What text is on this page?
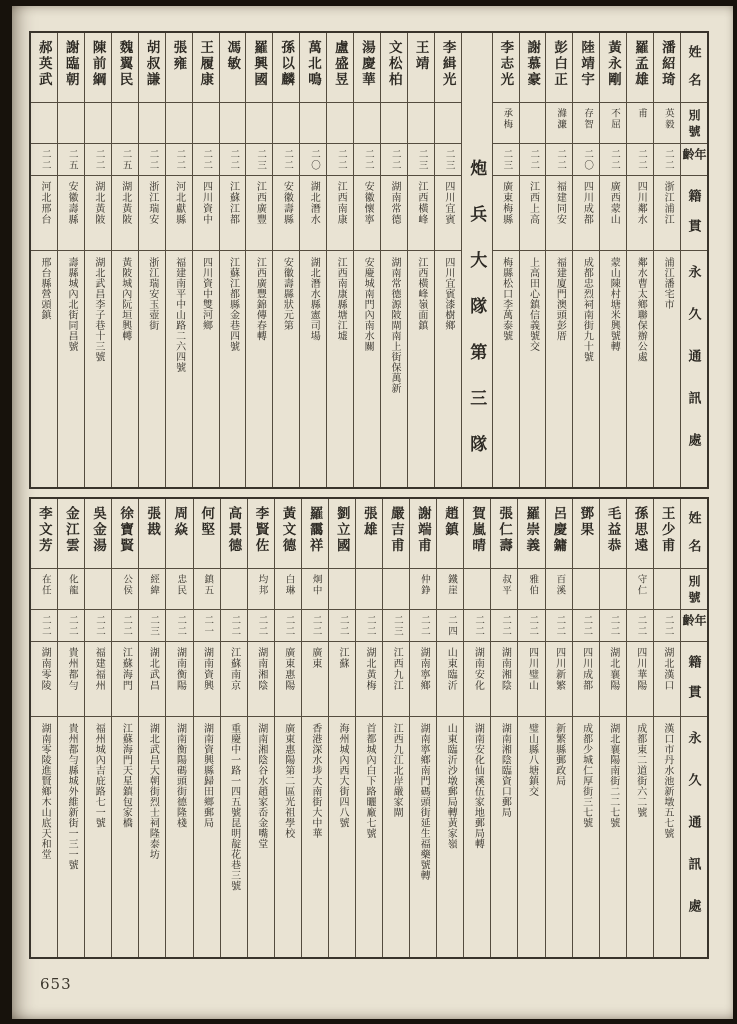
姓名
別號
年齡
籍貫
永久通訊處
潘紹琦
英毅
二二
浙江浦江
浦江潘宅市
羅孟雄
甫
二二
四川鄰水
鄰水曹太鄉聯保辦公處
黃永剛
不屈
二二
廣西蒙山
蒙山陳村塘米興號轉
陸靖宇
存智
二〇
四川成都
成都忠烈祠南街九十號
彭白正
滌濂
二二
福建同安
福建廈門澳頭彭厝
謝慕豪
二二
江西上高
上高田心鎮信義號交
李志光
承梅
二三
廣東梅縣
梅縣松口李萬泰號
炮兵大隊第三隊
李緝光
二三
四川宜賓
四川宜賓漆樹鄉
王靖
二三
江西橫峰
江西橫峰嶺面鎮
文松柏
二二
湖南常德
湖南常德源陂閘南上街保萬新
湯慶華
二二
安徽懷寧
安慶城南門內南水關
盧盛昱
二二
江西南康
江西南康縣塘江墟
萬北鳴
二〇
湖北潛水
湖北潛水縣憲司場
孫以麟
二二
安徽壽縣
安徽壽縣狀元第
羅興國
二三
江西廣豐
江西廣豐錦傳春轉
馮敏
二二
江蘇江都
江蘇江都縣金巷四號
王履康
二二
四川資中
四川資中雙河鄉
張雍
二二
河北獻縣
福建南平中山路二六四號
胡叔謙
二二
浙江瑞安
浙江瑞安玉壺街
魏翼民
二五
湖北黃陂
黃陂城內阮垣興轉
陳前綱
二二
湖北黃陂
湖北武昌李子巷十三號
謝臨朝
二五
安徽壽縣
壽縣城內北街同昌號
郝英武
二二
河北邢台
邢台縣營頭鎮
姓名
別號
年齡
籍貫
永久通訊處
王少甫
二二
湖北漢口
漢口市丹水池新墩五七號
孫思遠
守仁
二二
四川華陽
成都東二道街六二號
毛益恭
二二
湖北襄陽
湖北襄陽南街二二七號
鄧果
二二
四川成都
成都少城仁厚街三七號
呂慶鏞
百溪
二二
四川新繁
新繁縣郵政局
羅崇義
雅伯
二二
四川璧山
璧山縣八塘鎮交
張仁壽
叔平
二二
湖南湘陰
湖南湘陰臨資口郵局
賀嵐晴
二二
湖南安化
湖南安化仙溪伍家地郵局轉
趙鎮
鐵崖
二四
山東臨沂
山東臨沂沙墩郵局轉黃家嶺
謝端甫
仲錚
二二
湖南寧鄉
湖南寧鄉南門碼頭街延生福藥號轉
嚴吉甫
二三
江西九江
江西九江北岸嚴家閘
張雄
二二
湖北黃梅
首都城內白下路曬廠七號
劉立國
二二
江蘇
海州城內西大街四八號
羅靄祥
炯中
二二
廣東
香港深水埗大南街大中華
黃文德
白琳
二二
廣東惠陽
廣東惠陽第二區光祖學校
李賢佐
均邦
二二
湖南湘陰
湖南湘陰谷水趙家岙金嘴堂
高景德
二二
江蘇南京
重慶中一路一四五號昆明靛花巷三號
何堅
鎮五
二一
湖南資興
湖南資興縣歸田鄉郵局
周焱
忠民
二二
湖南衡陽
湖南衡陽碼頭街德隆棧
張戡
經緯
二三
湖北武昌
湖北武昌大朝街烈士祠隆泰坊
徐寶賢
公侯
二二
江蘇海門
江蘇海門天星鎮包家橋
吳金湯
二二
福建福州
福州城內吉庇路七一號
金江雲
化龍
二二
貴州都勻
貴州都勻縣城外維新街一三一號
李文芳
在任
二二
湖南零陵
湖南零陵進賢鄉木山底天和堂
653
